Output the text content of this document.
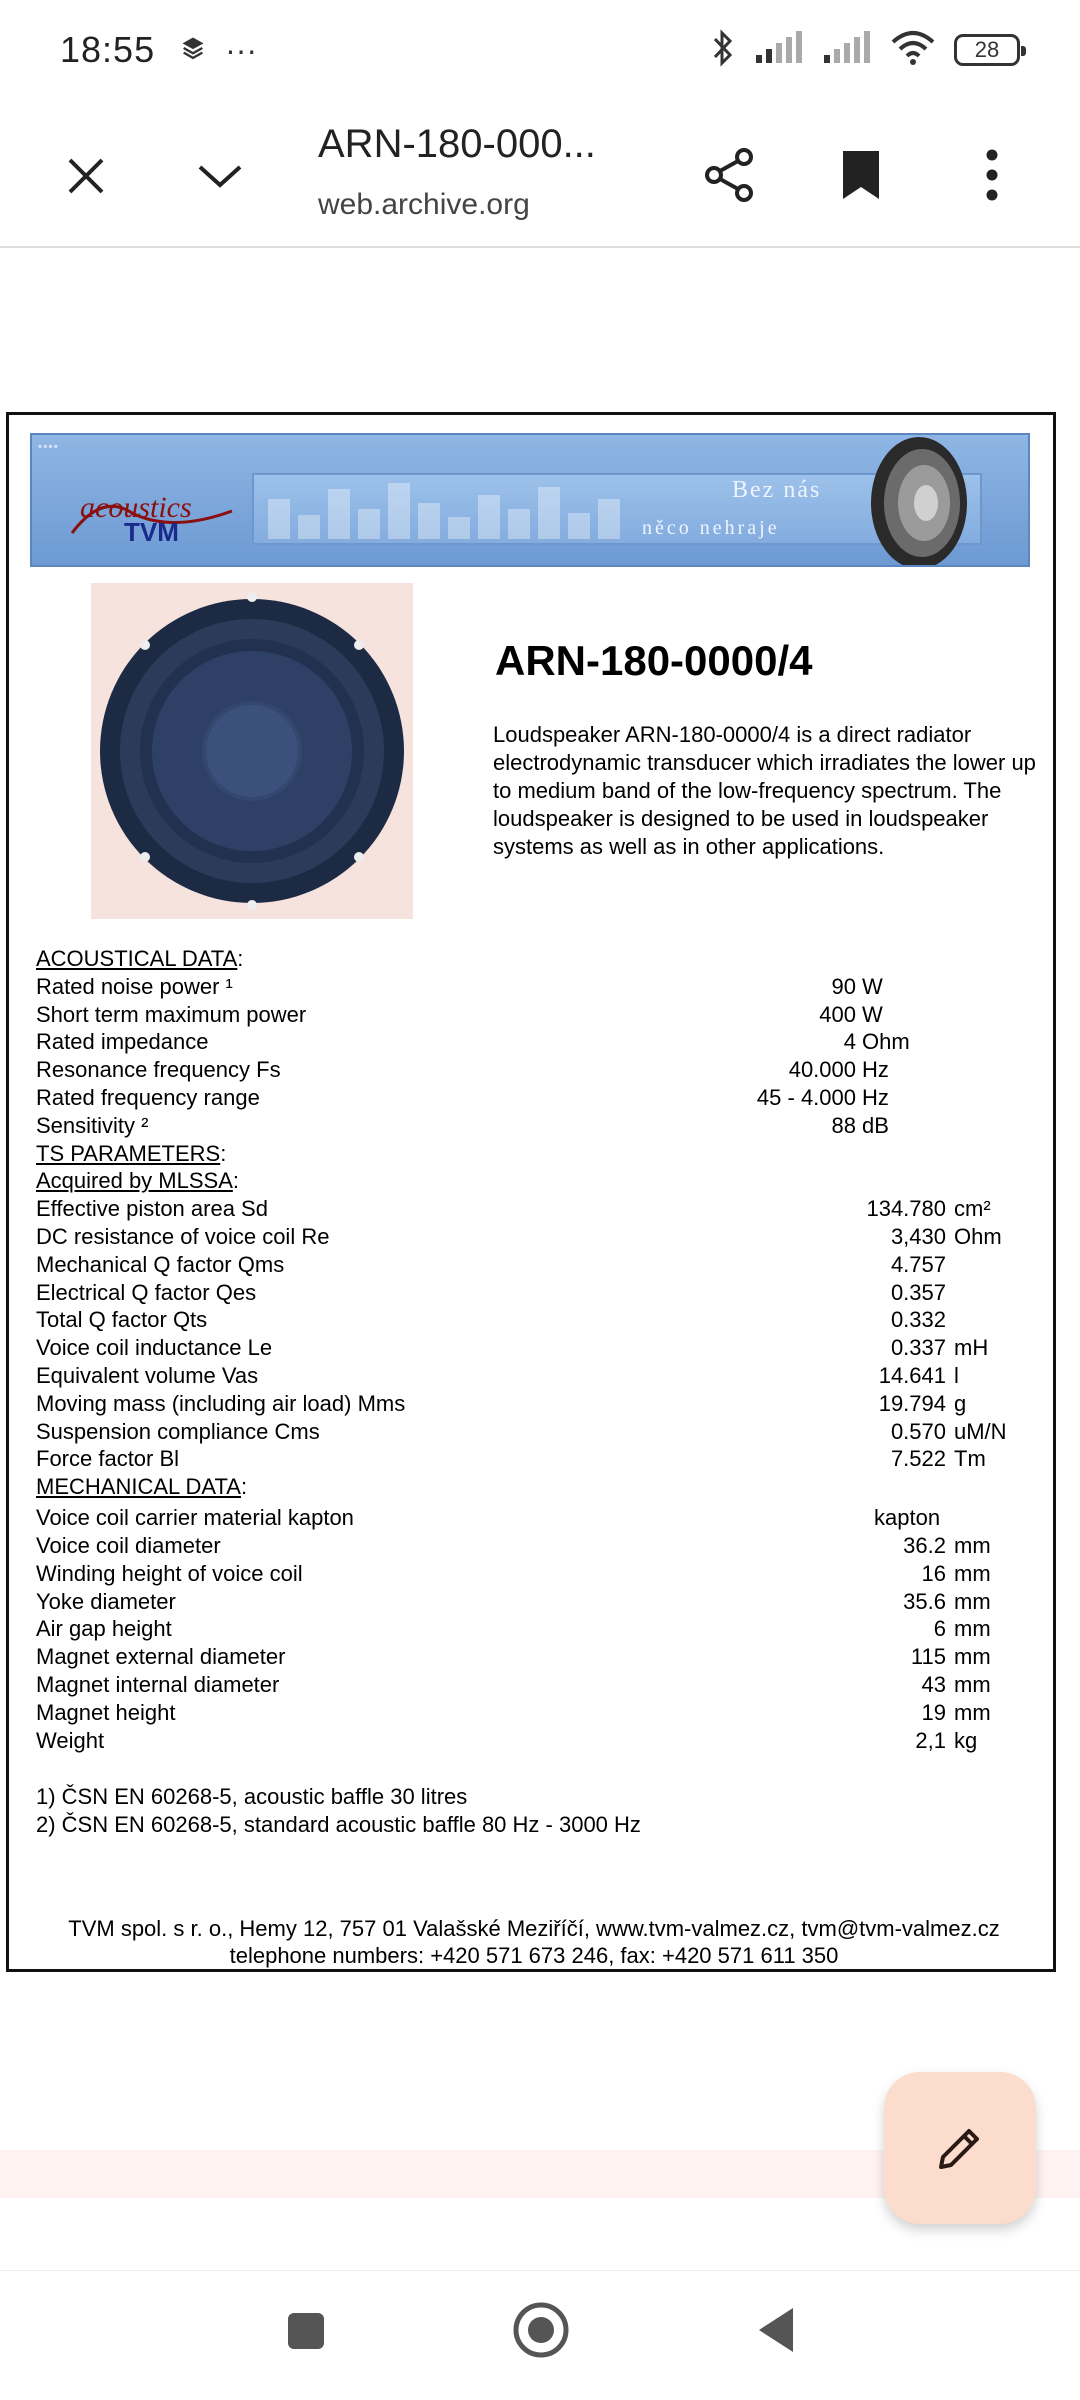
18:55 ···	28
ARN-180-000...
web.archive.org
▪▪▪▪
acoustics
TVM
Bez nás
něco nehraje
ARN-180-0000/4
Loudspeaker ARN-180-0000/4 is a direct radiator electrodynamic transducer which irradiates the lower up to medium band of the low-frequency spectrum. The loudspeaker is designed to be used in loudspeaker systems as well as in other applications.
ACOUSTICAL DATA:
Rated noise power ¹	90 W
Short term maximum power	400 W
Rated impedance	4 Ohm
Resonance frequency Fs	40.000 Hz
Rated frequency range	45 - 4.000 Hz
Sensitivity ²	88 dB
TS PARAMETERS:
Acquired by MLSSA:
Effective piston area Sd	134.780 cm²
DC resistance of voice coil Re	3,430 Ohm
Mechanical Q factor Qms	4.757
Electrical Q factor Qes	0.357
Total Q factor Qts	0.332
Voice coil inductance Le	0.337 mH
Equivalent volume Vas	14.641 l
Moving mass (including air load) Mms	19.794 g
Suspension compliance Cms	0.570 uM/N
Force factor Bl	7.522 Tm
MECHANICAL DATA:
Voice coil carrier material kapton	kapton
Voice coil diameter	36.2 mm
Winding height of voice coil	16 mm
Yoke diameter	35.6 mm
Air gap height	6 mm
Magnet external diameter	115 mm
Magnet internal diameter	43 mm
Magnet height	19 mm
Weight	2,1 kg
1) ČSN EN 60268-5, acoustic baffle 30 litres
2) ČSN EN 60268-5, standard acoustic baffle 80 Hz - 3000 Hz
TVM spol. s r. o., Hemy 12, 757 01 Valašské Meziříčí, www.tvm-valmez.cz, tvm@tvm-valmez.cz
telephone numbers: +420 571 673 246, fax: +420 571 611 350
